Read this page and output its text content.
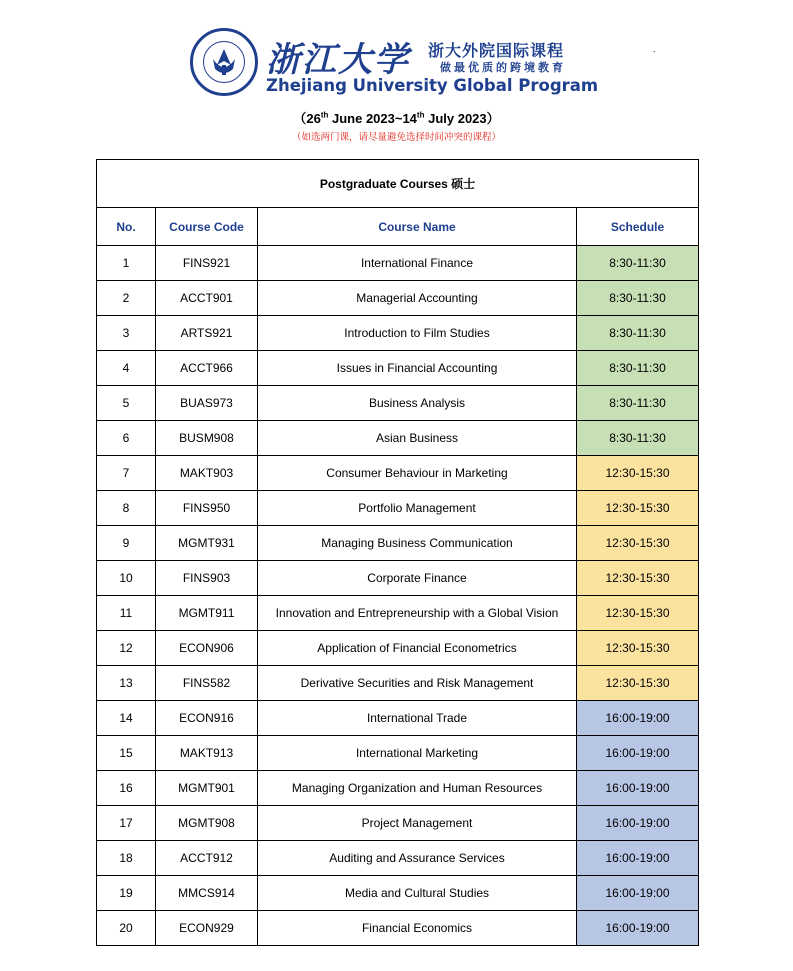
浙江大学 浙大外院国际课程
做最优质的跨境教育
Zhejiang University Global Program
.
（26th June 2023~14th July 2023）
（如选两门课，请尽量避免选择时间冲突的课程）
Postgraduate Courses 硕士			
No.	Course Code	Course Name	Schedule
1	FINS921	International Finance	8:30-11:30
2	ACCT901	Managerial Accounting	8:30-11:30
3	ARTS921	Introduction to Film Studies	8:30-11:30
4	ACCT966	Issues in Financial Accounting	8:30-11:30
5	BUAS973	Business Analysis	8:30-11:30
6	BUSM908	Asian Business	8:30-11:30
7	MAKT903	Consumer Behaviour in Marketing	12:30-15:30
8	FINS950	Portfolio Management	12:30-15:30
9	MGMT931	Managing Business Communication	12:30-15:30
10	FINS903	Corporate Finance	12:30-15:30
11	MGMT911	Innovation and Entrepreneurship with a Global Vision	12:30-15:30
12	ECON906	Application of Financial Econometrics	12:30-15:30
13	FINS582	Derivative Securities and Risk Management	12:30-15:30
14	ECON916	International Trade	16:00-19:00
15	MAKT913	International Marketing	16:00-19:00
16	MGMT901	Managing Organization and Human Resources	16:00-19:00
17	MGMT908	Project Management	16:00-19:00
18	ACCT912	Auditing and Assurance Services	16:00-19:00
19	MMCS914	Media and Cultural Studies	16:00-19:00
20	ECON929	Financial Economics	16:00-19:00
